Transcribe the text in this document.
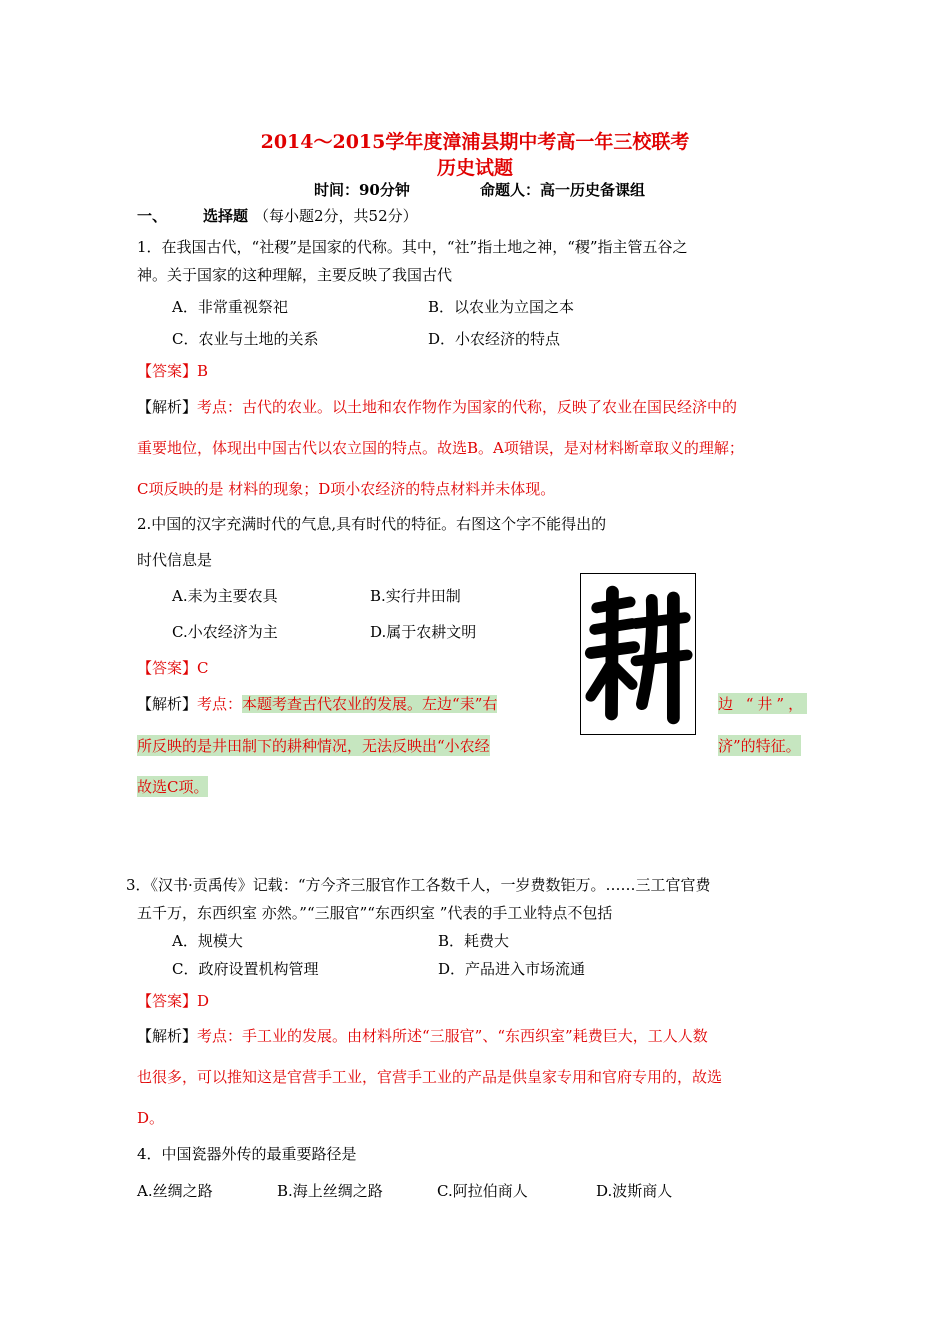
2014～2015学年度漳浦县期中考高一年三校联考
历史试题
时间：90分钟	命题人：高一历史备课组
一、 选择题 （每小题2分，共52分）
1．在我国古代，“社稷”是国家的代称。其中，“社”指土地之神，“稷”指主管五谷之
神。关于国家的这种理解，主要反映了我国古代
A．非常重视祭祀	B．以农业为立国之本
C．农业与土地的关系	D．小农经济的特点
【答案】B
【解析】考点：古代的农业。以土地和农作物作为国家的代称，反映了农业在国民经济中的
重要地位，体现出中国古代以农立国的特点。故选B。A项错误，是对材料断章取义的理解；
C项反映的是 材料的现象；D项小农经济的特点材料并未体现。
2.中国的汉字充满时代的气息,具有时代的特征。右图这个字不能得出的
时代信息是
A.耒为主要农具	B.实行井田制
C.小农经济为主	D.属于农耕文明
【答案】C
【解析】考点：本题考查古代农业的发展。左边“耒”右	边 “井”，
所反映的是井田制下的耕种情况，无法反映出“小农经	济”的特征。
故选C项。
3．《汉书·贡禹传》记载：“方今齐三服官作工各数千人，一岁费数钜万。……三工官官费
五千万，东西织室 亦然。”“三服官”“东西织室 ”代表的手工业特点不包括
A．规模大	B．耗费大
C．政府设置机构管理	D．产品进入市场流通
【答案】D
【解析】考点：手工业的发展。由材料所述“三服官”、“东西织室”耗费巨大，工人人数
也很多，可以推知这是官营手工业，官营手工业的产品是供皇家专用和官府专用的，故选
D。
4．中国瓷器外传的最重要路径是
A.丝绸之路	B.海上丝绸之路	C.阿拉伯商人	D.波斯商人
